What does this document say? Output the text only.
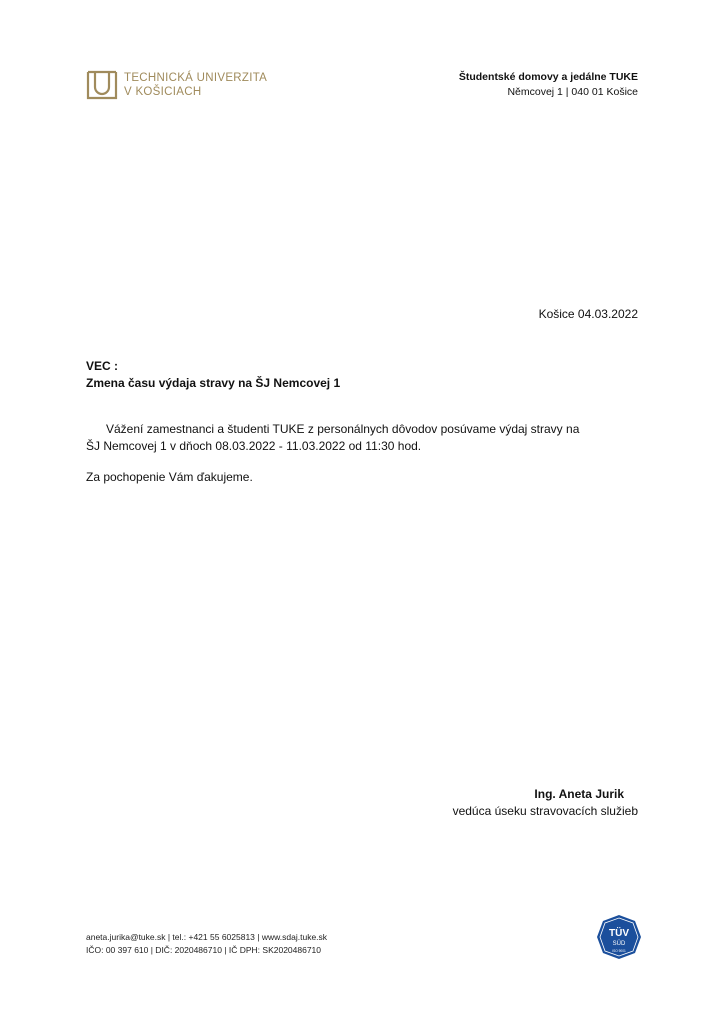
TECHNICKÁ UNIVERZITA
V KOŠICIACH
Študentské domovy a jedálne TUKE
Němcovej 1 | 040 01 Košice
Košice 04.03.2022
VEC :
Zmena času výdaja stravy na ŠJ Nemcovej 1
Vážení zamestnanci a študenti TUKE z personálnych dôvodov posúvame výdaj stravy na
ŠJ Nemcovej 1 v dňoch 08.03.2022 - 11.03.2022 od 11:30 hod.
Za pochopenie Vám ďakujeme.
Ing. Aneta Jurik
vedúca úseku stravovacích služieb
aneta.jurika@tuke.sk | tel.: +421 55 6025813 | www.sdaj.tuke.sk
IČO: 00 397 610 | DIČ: 2020486710 | IČ DPH: SK2020486710
TÜV
SÜD
ISO 9001
